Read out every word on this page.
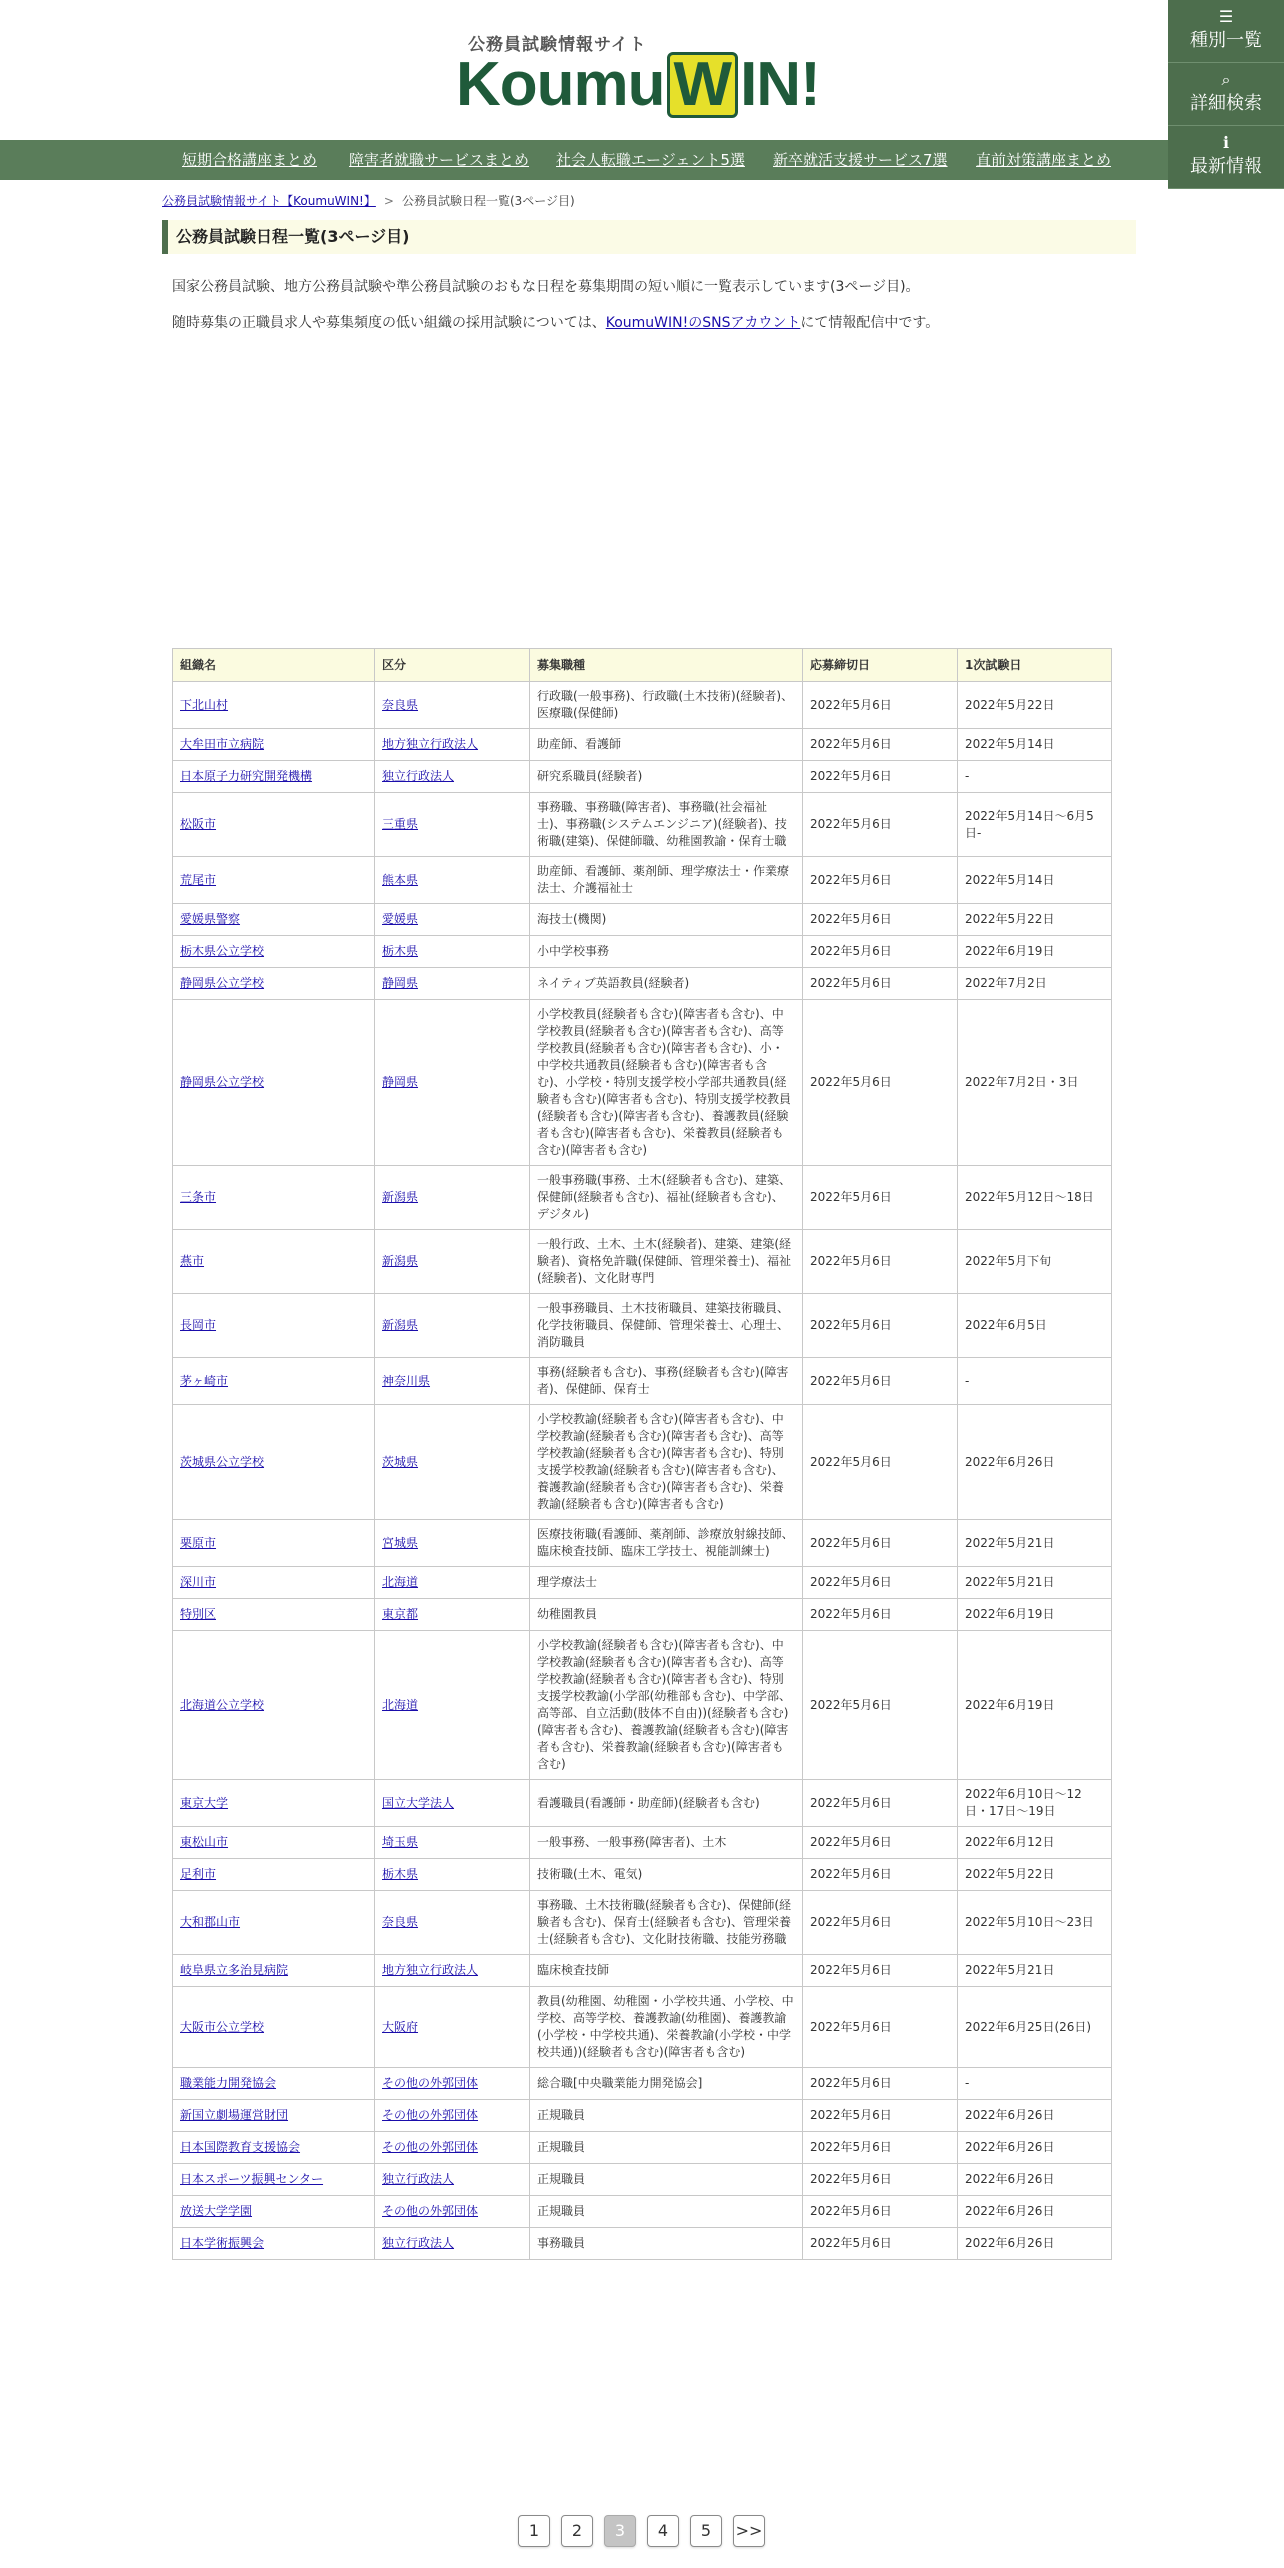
公務員試験情報サイト
Koumu W IN!
☰
種別一覧
⌕
詳細検索
ℹ
最新情報
短期合格講座まとめ 障害者就職サービスまとめ 社会人転職エージェント5選 新卒就活支援サービス7選 直前対策講座まとめ
公務員試験情報サイト【KoumuWIN!】 > 公務員試験日程一覧(3ページ目)
公務員試験日程一覧(3ページ目)
国家公務員試験、地方公務員試験や準公務員試験のおもな日程を募集期間の短い順に一覧表示しています(3ページ目)。
随時募集の正職員求人や募集頻度の低い組織の採用試験については、KoumuWIN!のSNSアカウントにて情報配信中です。
組織名	区分	募集職種	応募締切日	1次試験日
下北山村	奈良県	行政職(一般事務)、行政職(土木技術)(経験者)、医療職(保健師)	2022年5月6日	2022年5月22日
大牟田市立病院	地方独立行政法人	助産師、看護師	2022年5月6日	2022年5月14日
日本原子力研究開発機構	独立行政法人	研究系職員(経験者)	2022年5月6日	-
松阪市	三重県	事務職、事務職(障害者)、事務職(社会福祉士)、事務職(システムエンジニア)(経験者)、技術職(建築)、保健師職、幼稚園教諭・保育士職	2022年5月6日	2022年5月14日～6月5日-
荒尾市	熊本県	助産師、看護師、薬剤師、理学療法士・作業療法士、介護福祉士	2022年5月6日	2022年5月14日
愛媛県警察	愛媛県	海技士(機関)	2022年5月6日	2022年5月22日
栃木県公立学校	栃木県	小中学校事務	2022年5月6日	2022年6月19日
静岡県公立学校	静岡県	ネイティブ英語教員(経験者)	2022年5月6日	2022年7月2日
静岡県公立学校	静岡県	小学校教員(経験者も含む)(障害者も含む)、中学校教員(経験者も含む)(障害者も含む)、高等学校教員(経験者も含む)(障害者も含む)、小・中学校共通教員(経験者も含む)(障害者も含む)、小学校・特別支援学校小学部共通教員(経験者も含む)(障害者も含む)、特別支援学校教員(経験者も含む)(障害者も含む)、養護教員(経験者も含む)(障害者も含む)、栄養教員(経験者も含む)(障害者も含む)	2022年5月6日	2022年7月2日・3日
三条市	新潟県	一般事務職(事務、土木(経験者も含む)、建築、保健師(経験者も含む)、福祉(経験者も含む)、デジタル)	2022年5月6日	2022年5月12日～18日
燕市	新潟県	一般行政、土木、土木(経験者)、建築、建築(経験者)、資格免許職(保健師、管理栄養士)、福祉(経験者)、文化財専門	2022年5月6日	2022年5月下旬
長岡市	新潟県	一般事務職員、土木技術職員、建築技術職員、化学技術職員、保健師、管理栄養士、心理士、消防職員	2022年5月6日	2022年6月5日
茅ヶ崎市	神奈川県	事務(経験者も含む)、事務(経験者も含む)(障害者)、保健師、保育士	2022年5月6日	-
茨城県公立学校	茨城県	小学校教諭(経験者も含む)(障害者も含む)、中学校教諭(経験者も含む)(障害者も含む)、高等学校教諭(経験者も含む)(障害者も含む)、特別支援学校教諭(経験者も含む)(障害者も含む)、養護教諭(経験者も含む)(障害者も含む)、栄養教諭(経験者も含む)(障害者も含む)	2022年5月6日	2022年6月26日
栗原市	宮城県	医療技術職(看護師、薬剤師、診療放射線技師、臨床検査技師、臨床工学技士、視能訓練士)	2022年5月6日	2022年5月21日
深川市	北海道	理学療法士	2022年5月6日	2022年5月21日
特別区	東京都	幼稚園教員	2022年5月6日	2022年6月19日
北海道公立学校	北海道	小学校教諭(経験者も含む)(障害者も含む)、中学校教諭(経験者も含む)(障害者も含む)、高等学校教諭(経験者も含む)(障害者も含む)、特別支援学校教諭(小学部(幼稚部も含む)、中学部、高等部、自立活動(肢体不自由))(経験者も含む)(障害者も含む)、養護教諭(経験者も含む)(障害者も含む)、栄養教諭(経験者も含む)(障害者も含む)	2022年5月6日	2022年6月19日
東京大学	国立大学法人	看護職員(看護師・助産師)(経験者も含む)	2022年5月6日	2022年6月10日～12日・17日～19日
東松山市	埼玉県	一般事務、一般事務(障害者)、土木	2022年5月6日	2022年6月12日
足利市	栃木県	技術職(土木、電気)	2022年5月6日	2022年5月22日
大和郡山市	奈良県	事務職、土木技術職(経験者も含む)、保健師(経験者も含む)、保育士(経験者も含む)、管理栄養士(経験者も含む)、文化財技術職、技能労務職	2022年5月6日	2022年5月10日～23日
岐阜県立多治見病院	地方独立行政法人	臨床検査技師	2022年5月6日	2022年5月21日
大阪市公立学校	大阪府	教員(幼稚園、幼稚園・小学校共通、小学校、中学校、高等学校、養護教諭(幼稚園)、養護教諭(小学校・中学校共通)、栄養教諭(小学校・中学校共通))(経験者も含む)(障害者も含む)	2022年5月6日	2022年6月25日(26日)
職業能力開発協会	その他の外郭団体	総合職[中央職業能力開発協会]	2022年5月6日	-
新国立劇場運営財団	その他の外郭団体	正規職員	2022年5月6日	2022年6月26日
日本国際教育支援協会	その他の外郭団体	正規職員	2022年5月6日	2022年6月26日
日本スポーツ振興センター	独立行政法人	正規職員	2022年5月6日	2022年6月26日
放送大学学園	その他の外郭団体	正規職員	2022年5月6日	2022年6月26日
日本学術振興会	独立行政法人	事務職員	2022年5月6日	2022年6月26日
1	2	3	4	5	>>
